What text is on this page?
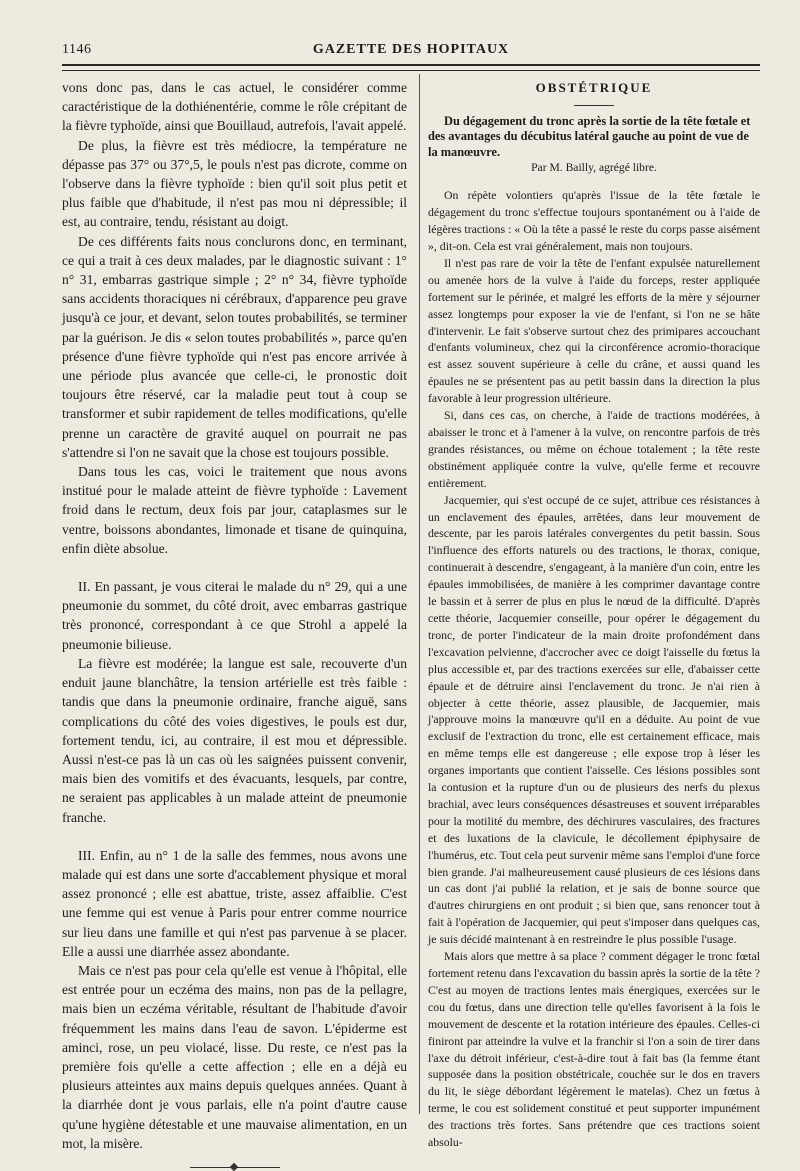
1146	GAZETTE DES HOPITAUX

vons donc pas, dans le cas actuel, le considérer comme caractéristique de la dothiénentérie, comme le rôle crépitant de la fièvre typhoïde, ainsi que Bouillaud, autrefois, l'avait appelé.

De plus, la fièvre est très médiocre, la température ne dépasse pas 37° ou 37°,5, le pouls n'est pas dicrote, comme on l'observe dans la fièvre typhoïde : bien qu'il soit plus petit et plus faible que d'habitude, il n'est pas mou ni dépressible; il est, au contraire, tendu, résistant au doigt.

De ces différents faits nous conclurons donc, en terminant, ce qui a trait à ces deux malades, par le diagnostic suivant : 1° n° 31, embarras gastrique simple ; 2° n° 34, fièvre typhoïde sans accidents thoraciques ni cérébraux, d'apparence peu grave jusqu'à ce jour, et devant, selon toutes probabilités, se terminer par la guérison. Je dis « selon toutes probabilités », parce qu'en présence d'une fièvre typhoïde qui n'est pas encore arrivée à une période plus avancée que celle-ci, le pronostic doit toujours être réservé, car la maladie peut tout à coup se transformer et subir rapidement de telles modifications, qu'elle prenne un caractère de gravité auquel on pourrait ne pas s'attendre si l'on ne savait que la chose est toujours possible.

Dans tous les cas, voici le traitement que nous avons institué pour le malade atteint de fièvre typhoïde : Lavement froid dans le rectum, deux fois par jour, cataplasmes sur le ventre, boissons abondantes, limonade et tisane de quinquina, enfin diète absolue.

II. En passant, je vous citerai le malade du n° 29, qui a une pneumonie du sommet, du côté droit, avec embarras gastrique très prononcé, correspondant à ce que Strohl a appelé la pneumonie bilieuse.

La fièvre est modérée; la langue est sale, recouverte d'un enduit jaune blanchâtre, la tension artérielle est très faible : tandis que dans la pneumonie ordinaire, franche aiguë, sans complications du côté des voies digestives, le pouls est dur, fortement tendu, ici, au contraire, il est mou et dépressible. Aussi n'est-ce pas là un cas où les saignées puissent convenir, mais bien des vomitifs et des évacuants, lesquels, par contre, ne seraient pas applicables à un malade atteint de pneumonie franche.

III. Enfin, au n° 1 de la salle des femmes, nous avons une malade qui est dans une sorte d'accablement physique et moral assez prononcé ; elle est abattue, triste, assez affaiblie. C'est une femme qui est venue à Paris pour entrer comme nourrice sur lieu dans une famille et qui n'est pas parvenue à se placer. Elle a aussi une diarrhée assez abondante.

Mais ce n'est pas pour cela qu'elle est venue à l'hôpital, elle est entrée pour un eczéma des mains, non pas de la pellagre, mais bien un eczéma véritable, résultant de l'habitude d'avoir fréquemment les mains dans l'eau de savon. L'épiderme est aminci, rose, un peu violacé, lisse. Du reste, ce n'est pas la première fois qu'elle a cette affection ; elle en a déjà eu plusieurs atteintes aux mains depuis quelques années. Quant à la diarrhée dont je vous parlais, elle n'a point d'autre cause qu'une hygiène détestable et une mauvaise alimentation, en un mot, la misère.

OBSTÉTRIQUE

Du dégagement du tronc après la sortie de la tête fœtale et des avantages du décubitus latéral gauche au point de vue de la manœuvre.

Par M. Bailly, agrégé libre.

On répète volontiers qu'après l'issue de la tête fœtale le dégagement du tronc s'effectue toujours spontanément ou à l'aide de légères tractions : « Où la tête a passé le reste du corps passe aisément », dit-on. Cela est vrai généralement, mais non toujours.

Il n'est pas rare de voir la tête de l'enfant expulsée naturellement ou amenée hors de la vulve à l'aide du forceps, rester appliquée fortement sur le périnée, et malgré les efforts de la mère y séjourner assez longtemps pour exposer la vie de l'enfant, si l'on ne se hâte d'intervenir. Le fait s'observe surtout chez des primipares accouchant d'enfants volumineux, chez qui la circonférence acromio-thoracique est assez souvent supérieure à celle du crâne, et aussi quand les épaules ne se présentent pas au petit bassin dans la direction la plus favorable à leur progression ultérieure.

Si, dans ces cas, on cherche, à l'aide de tractions modérées, à abaisser le tronc et à l'amener à la vulve, on rencontre parfois de très grandes résistances, ou même on échoue totalement ; la tête reste obstinément appliquée contre la vulve, qu'elle ferme et recouvre entièrement.

Jacquemier, qui s'est occupé de ce sujet, attribue ces résistances à un enclavement des épaules, arrêtées, dans leur mouvement de descente, par les parois latérales convergentes du petit bassin. Sous l'influence des efforts naturels ou des tractions, le thorax, conique, continuerait à descendre, s'engageant, à la manière d'un coin, entre les épaules immobilisées, de manière à les comprimer davantage contre le bassin et à serrer de plus en plus le nœud de la difficulté. D'après cette théorie, Jacquemier conseille, pour opérer le dégagement du tronc, de porter l'indicateur de la main droite profondément dans l'excavation pelvienne, d'accrocher avec ce doigt l'aisselle du fœtus la plus accessible et, par des tractions exercées sur elle, d'abaisser cette épaule et de détruire ainsi l'enclavement du tronc. Je n'ai rien à objecter à cette théorie, assez plausible, de Jacquemier, mais j'approuve moins la manœuvre qu'il en a déduite. Au point de vue exclusif de l'extraction du tronc, elle est certainement efficace, mais en même temps elle est dangereuse ; elle expose trop à léser les organes importants que contient l'aisselle. Ces lésions possibles sont la contusion et la rupture d'un ou de plusieurs des nerfs du plexus brachial, avec leurs conséquences désastreuses et souvent irréparables pour la motilité du membre, des déchirures vasculaires, des fractures et des luxations de la clavicule, le décollement épiphysaire de l'humérus, etc. Tout cela peut survenir même sans l'emploi d'une force bien grande. J'ai malheureusement causé plusieurs de ces lésions dans un cas dont j'ai publié la relation, et je sais de bonne source que d'autres chirurgiens en ont produit ; si bien que, sans renoncer tout à fait à l'opération de Jacquemier, qui peut s'imposer dans quelques cas, je suis décidé maintenant à en restreindre le plus possible l'usage.

Mais alors que mettre à sa place ? comment dégager le tronc fœtal fortement retenu dans l'excavation du bassin après la sortie de la tête ? C'est au moyen de tractions lentes mais énergiques, exercées sur le cou du fœtus, dans une direction telle qu'elles favorisent à la fois le mouvement de descente et la rotation intérieure des épaules. Celles-ci finiront par atteindre la vulve et la franchir si l'on a soin de tirer dans l'axe du détroit inférieur, c'est-à-dire tout à fait bas (la femme étant supposée dans la position obstétricale, couchée sur le dos en travers du lit, le siège débordant légèrement le matelas). Chez un fœtus à terme, le cou est solidement constitué et peut supporter impunément des tractions très fortes. Sans prétendre que ces tractions soient absolu-
